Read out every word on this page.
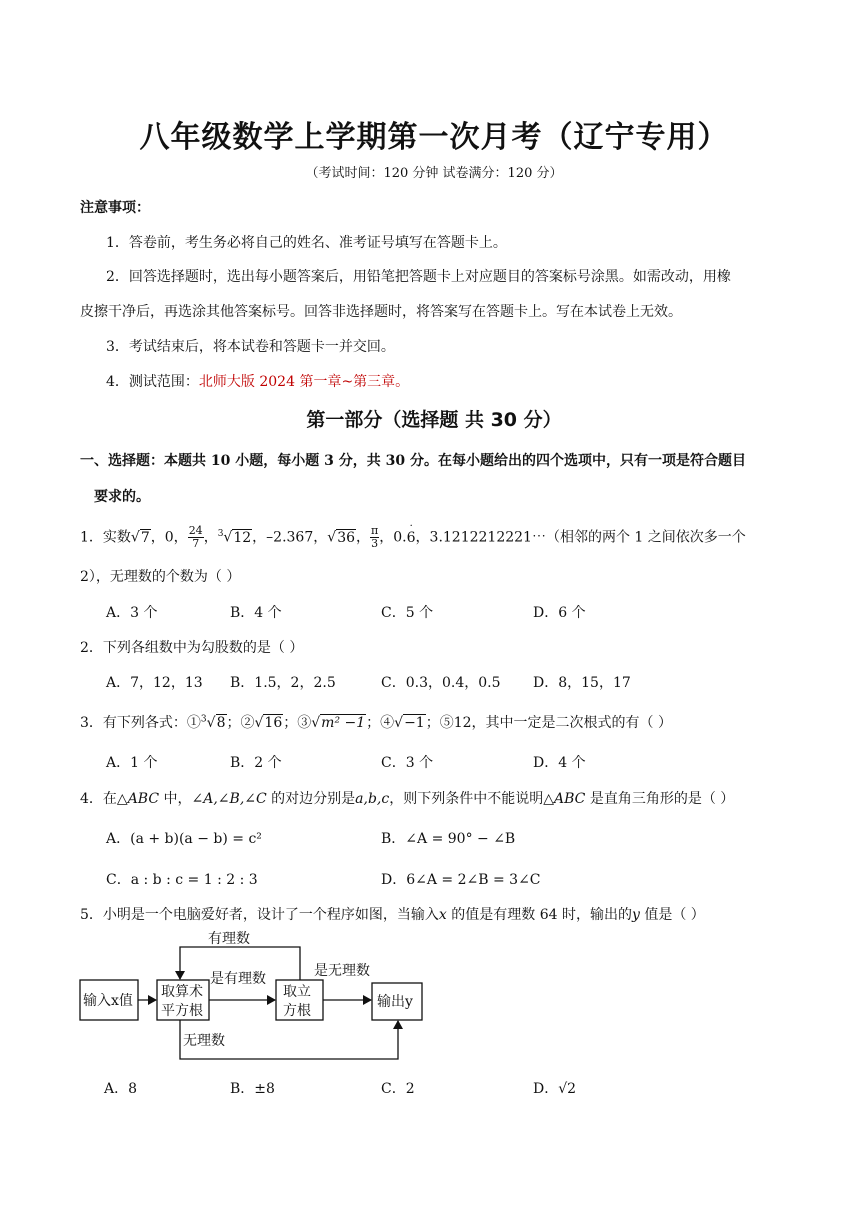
八年级数学上学期第一次月考（辽宁专用）
（考试时间：120 分钟 试卷满分：120 分）
注意事项：
1．答卷前，考生务必将自己的姓名、准考证号填写在答题卡上。
2．回答选择题时，选出每小题答案后，用铅笔把答题卡上对应题目的答案标号涂黑。如需改动，用橡
皮擦干净后，再选涂其他答案标号。回答非选择题时，将答案写在答题卡上。写在本试卷上无效。
3．考试结束后，将本试卷和答题卡一并交回。
4．测试范围：北师大版 2024 第一章~第三章。
第一部分（选择题 共 30 分）
一、选择题：本题共 10 小题，每小题 3 分，共 30 分。在每小题给出的四个选项中，只有一项是符合题目
要求的。
1．实数√7，0， $\frac{24}{7}$ ，$^3$√12，–2.367，√36， $\frac{\pi}{3}$ ，0.6
·
，3.1212212221⋯（相邻的两个 1 之间依次多一个
2），无理数的个数为（ ）
A．3 个	B．4 个	C．5 个	D．6 个
2．下列各组数中为勾股数的是（ ）
A．7，12，13 B．1.5，2，2.5	C．0.3，0.4，0.5 D．8，15，17
3．有下列各式：①$^3$√8；②√16；③√m² −1；④√−1；⑤12，其中一定是二次根式的有（ ）
A．1 个	B．2 个	C．3 个	D．4 个
4．在△ABC 中，∠A,∠B,∠C 的对边分别是a,b,c，则下列条件中不能说明△ABC 是直角三角形的是（ ）
A．(a + b)(a − b) = c²	B．∠A = 90° − ∠B
C．a : b : c = 1 : 2 : 3	D．6∠A = 2∠B = 3∠C
5．小明是一个电脑爱好者，设计了一个程序如图，当输入x 的值是有理数 64 时，输出的y 值是（ ）
输入x值
取算术
平方根
取立
方根
输出y
有理数
是有理数	是无理数
无理数
A．8	B．±8	C．2	D．√2
